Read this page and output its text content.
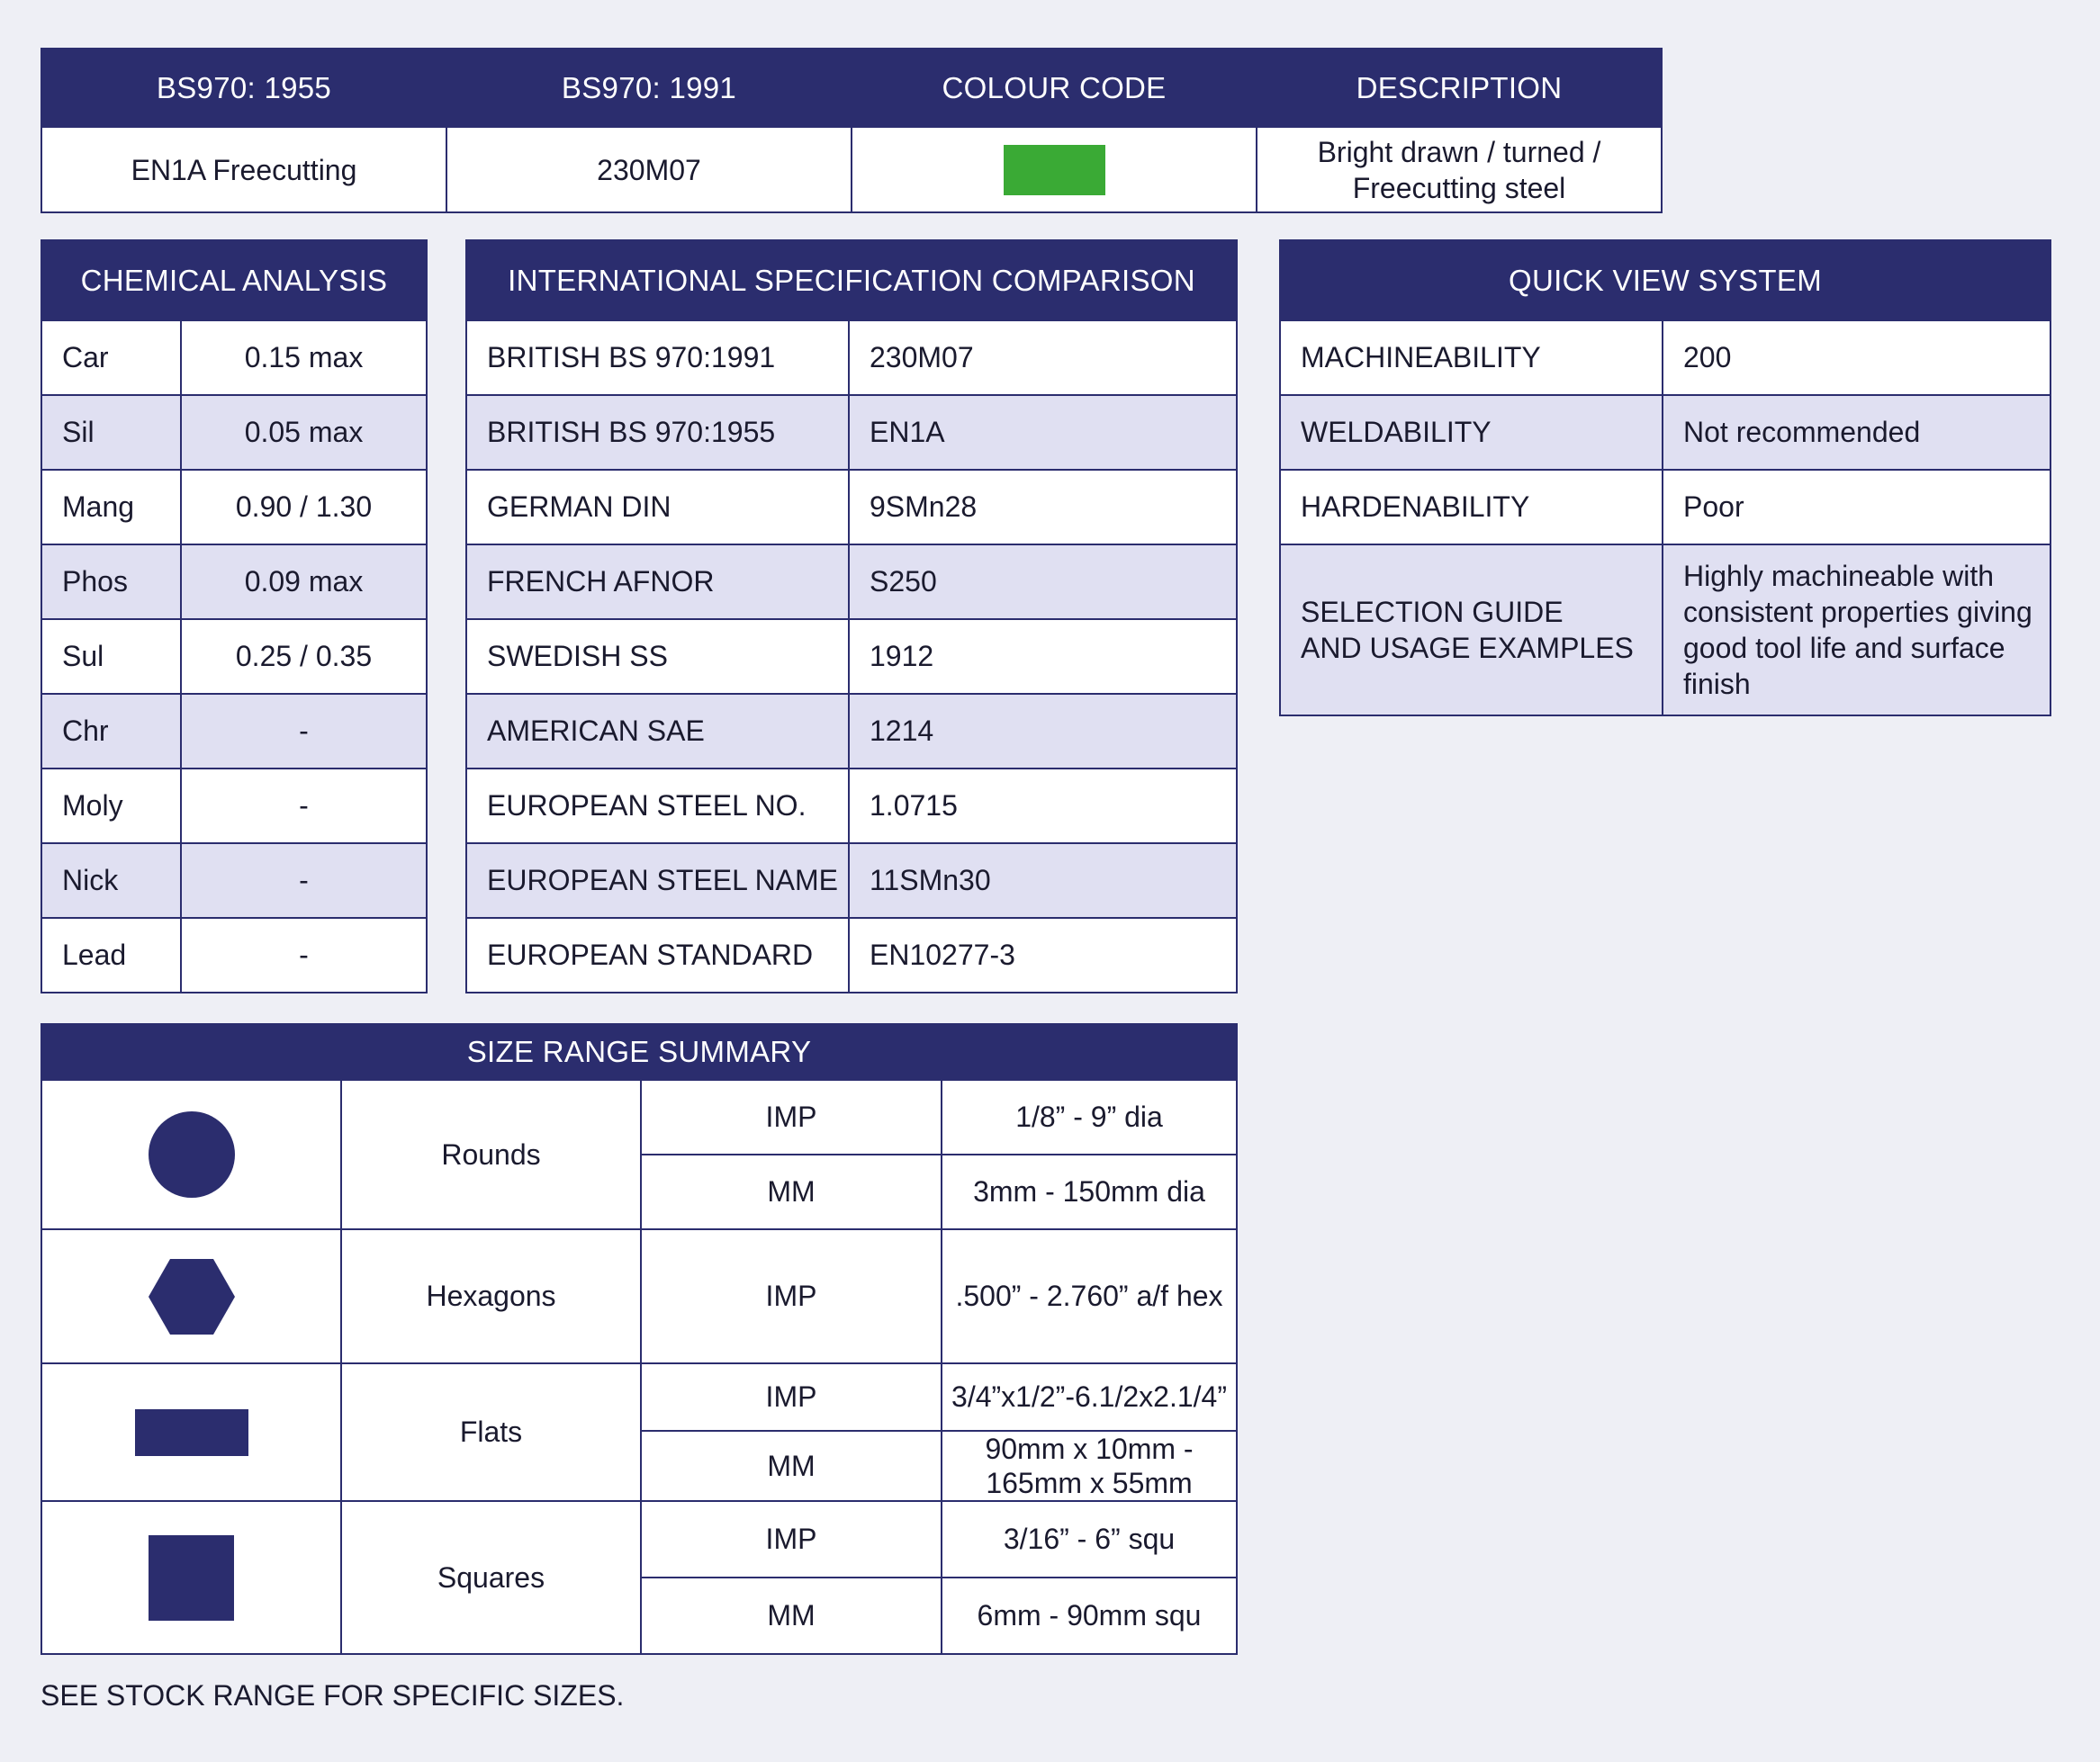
BS970: 1955	BS970: 1991	COLOUR CODE	DESCRIPTION
EN1A Freecutting	230M07		Bright drawn / turned /
Freecutting steel
CHEMICAL ANALYSIS	
Car	0.15 max
Sil	0.05 max
Mang	0.90 / 1.30
Phos	0.09 max
Sul	0.25 / 0.35
Chr	-
Moly	-
Nick	-
Lead	-
INTERNATIONAL SPECIFICATION COMPARISON	
BRITISH BS 970:1991	230M07
BRITISH BS 970:1955	EN1A
GERMAN DIN	9SMn28
FRENCH AFNOR	S250
SWEDISH SS	1912
AMERICAN SAE	1214
EUROPEAN STEEL NO.	1.0715
EUROPEAN STEEL NAME	11SMn30
EUROPEAN STANDARD	EN10277-3
QUICK VIEW SYSTEM	
MACHINEABILITY	200
WELDABILITY	Not recommended
HARDENABILITY	Poor
SELECTION GUIDE
AND USAGE EXAMPLES	Highly machineable with
consistent properties giving
good tool life and surface
finish
SIZE RANGE SUMMARY			
	Rounds	IMP	1/8” - 9” dia
		MM	3mm - 150mm dia

	Hexagons	IMP	.500” - 2.760” a/f hex
	Flats	IMP	3/4”x1/2”-6.1/2x2.1/4”
		MM	90mm x 10mm -
165mm x 55mm
	Squares	IMP	3/16” - 6” squ
		MM	6mm - 90mm squ
SEE STOCK RANGE FOR SPECIFIC SIZES.
